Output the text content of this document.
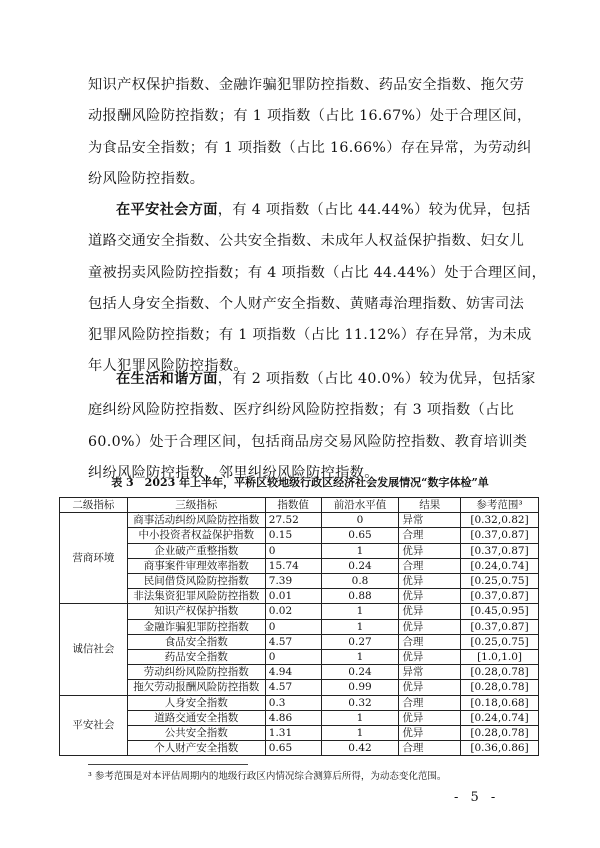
知识产权保护指数、金融诈骗犯罪防控指数、药品安全指数、拖欠劳
动报酬风险防控指数；有 1 项指数（占比 16.67%）处于合理区间，
为食品安全指数；有 1 项指数（占比 16.66%）存在异常，为劳动纠
纷风险防控指数。
在平安社会方面，有 4 项指数（占比 44.44%）较为优异，包括
道路交通安全指数、公共安全指数、未成年人权益保护指数、妇女儿
童被拐卖风险防控指数；有 4 项指数（占比 44.44%）处于合理区间，
包括人身安全指数、个人财产安全指数、黄赌毒治理指数、妨害司法
犯罪风险防控指数；有 1 项指数（占比 11.12%）存在异常，为未成
年人犯罪风险防控指数。
在生活和谐方面，有 2 项指数（占比 40.0%）较为优异，包括家
庭纠纷风险防控指数、医疗纠纷风险防控指数；有 3 项指数（占比
60.0%）处于合理区间，包括商品房交易风险防控指数、教育培训类
纠纷风险防控指数、邻里纠纷风险防控指数。

表 3　2023 年上半年，平桥区较地级行政区经济社会发展情况“数字体检”单

二级指标	三级指标	指数值	前沿水平值	结果	参考范围³
营商环境	商事活动纠纷风险防控指数	27.52	0	异常	[0.32,0.82]
	中小投资者权益保护指数	0.15	0.65	合理	[0.37,0.87]
	企业破产重整指数	0	1	优异	[0.37,0.87]
	商事案件审理效率指数	15.74	0.24	合理	[0.24,0.74]
	民间借贷风险防控指数	7.39	0.8	优异	[0.25,0.75]
	非法集资犯罪风险防控指数	0.01	0.88	优异	[0.37,0.87]
诚信社会	知识产权保护指数	0.02	1	优异	[0.45,0.95]
	金融诈骗犯罪防控指数	0	1	优异	[0.37,0.87]
	食品安全指数	4.57	0.27	合理	[0.25,0.75]
	药品安全指数	0	1	优异	[1.0,1.0]
	劳动纠纷风险防控指数	4.94	0.24	异常	[0.28,0.78]
	拖欠劳动报酬风险防控指数	4.57	0.99	优异	[0.28,0.78]
平安社会	人身安全指数	0.3	0.32	合理	[0.18,0.68]
	道路交通安全指数	4.86	1	优异	[0.24,0.74]
	公共安全指数	1.31	1	优异	[0.28,0.78]
	个人财产安全指数	0.65	0.42	合理	[0.36,0.86]

³ 参考范围是对本评估周期内的地级行政区内情况综合测算后所得，为动态变化范围。

- 5 -
